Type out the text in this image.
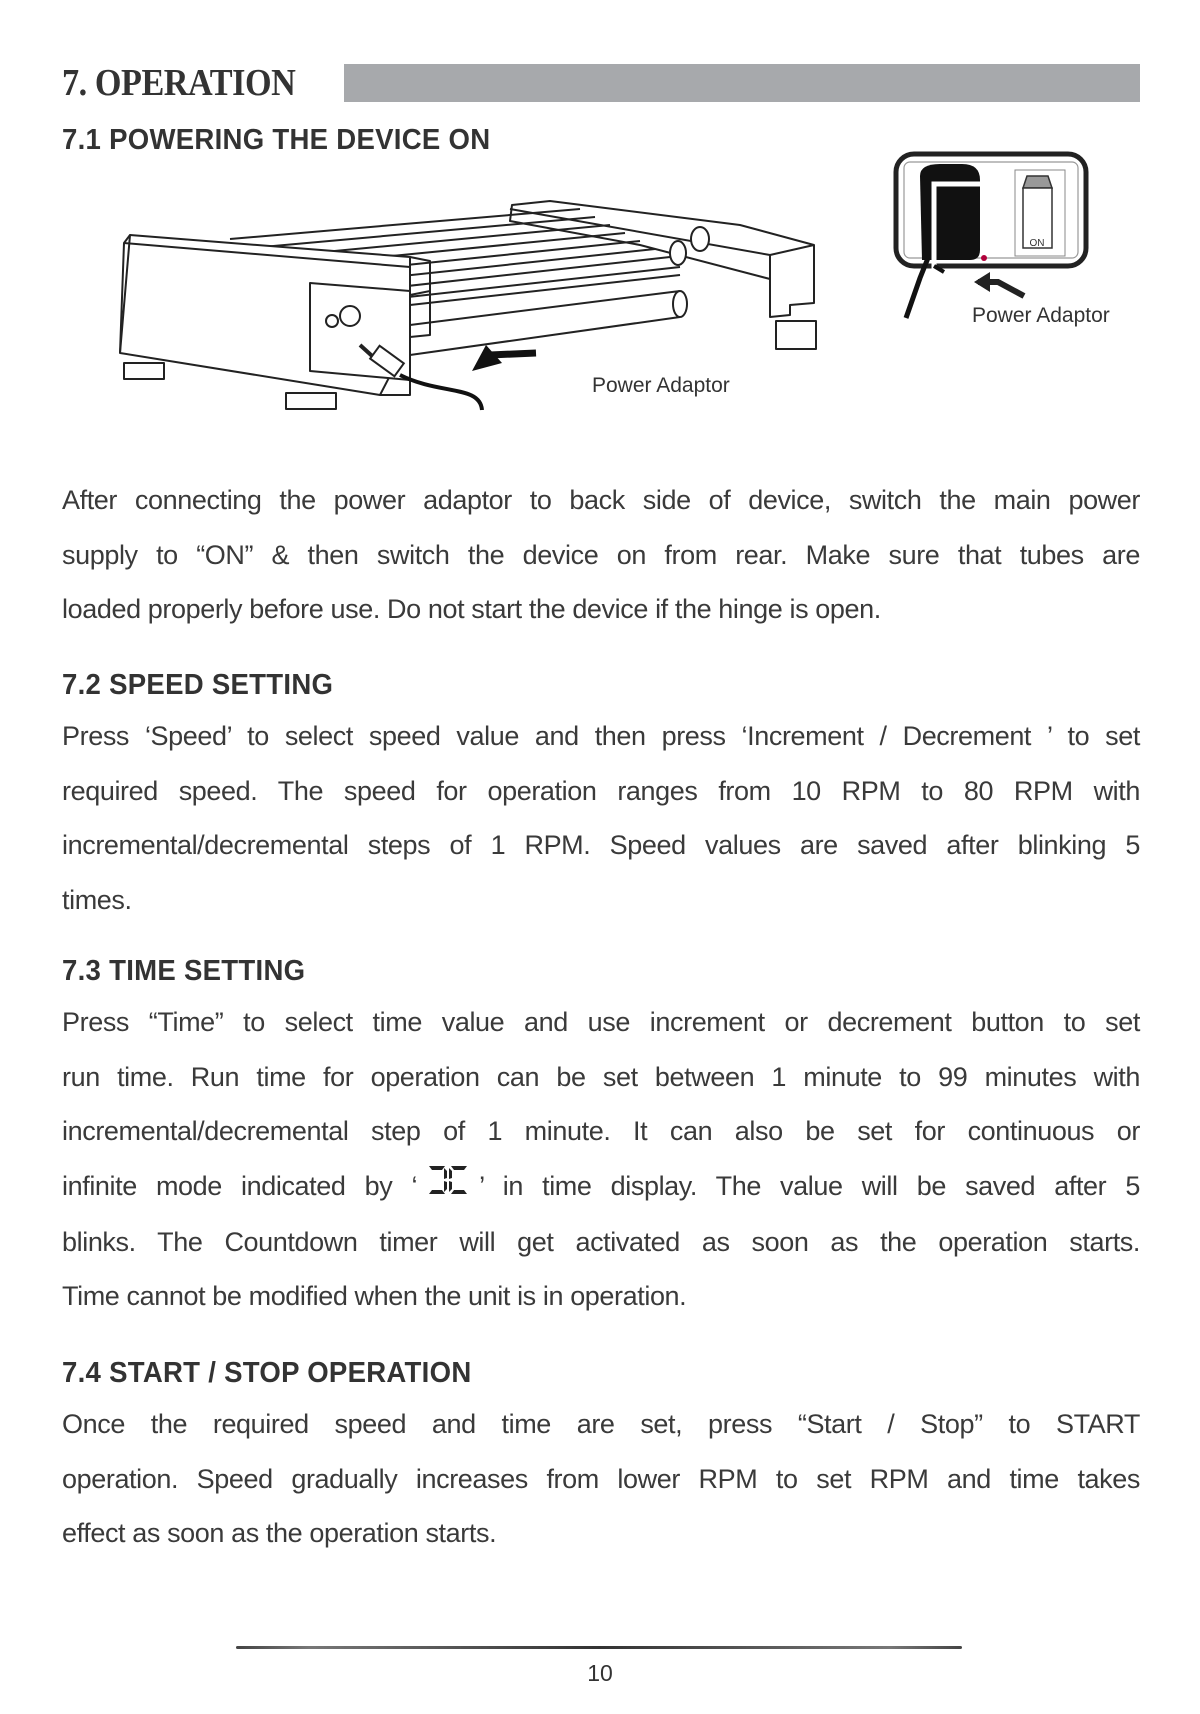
7. OPERATION
7.1 POWERING THE DEVICE ON
Power Adaptor
ON
Power Adaptor
After connecting the power adaptor to back side of device, switch the main power
supply to “ON” & then switch the device on from rear. Make sure that tubes are
loaded properly before use. Do not start the device if the hinge is open.
7.2 SPEED SETTING
Press ‘Speed’ to select speed value and then press ‘Increment / Decrement ’ to set
required speed. The speed for operation ranges from 10 RPM to 80 RPM with
incremental/decremental steps of 1 RPM. Speed values are saved after blinking 5
times.
7.3 TIME SETTING
Press “Time” to select time value and use increment or decrement button to set
run time. Run time for operation can be set between 1 minute to 99 minutes with
incremental/decremental step of 1 minute. It can also be set for continuous or
infinite mode indicated by ‘ ’ in time display. The value will be saved after 5
blinks. The Countdown timer will get activated as soon as the operation starts.
Time cannot be modified when the unit is in operation.
7.4 START / STOP OPERATION
Once the required speed and time are set, press “Start / Stop” to START
operation. Speed gradually increases from lower RPM to set RPM and time takes
effect as soon as the operation starts.
10
